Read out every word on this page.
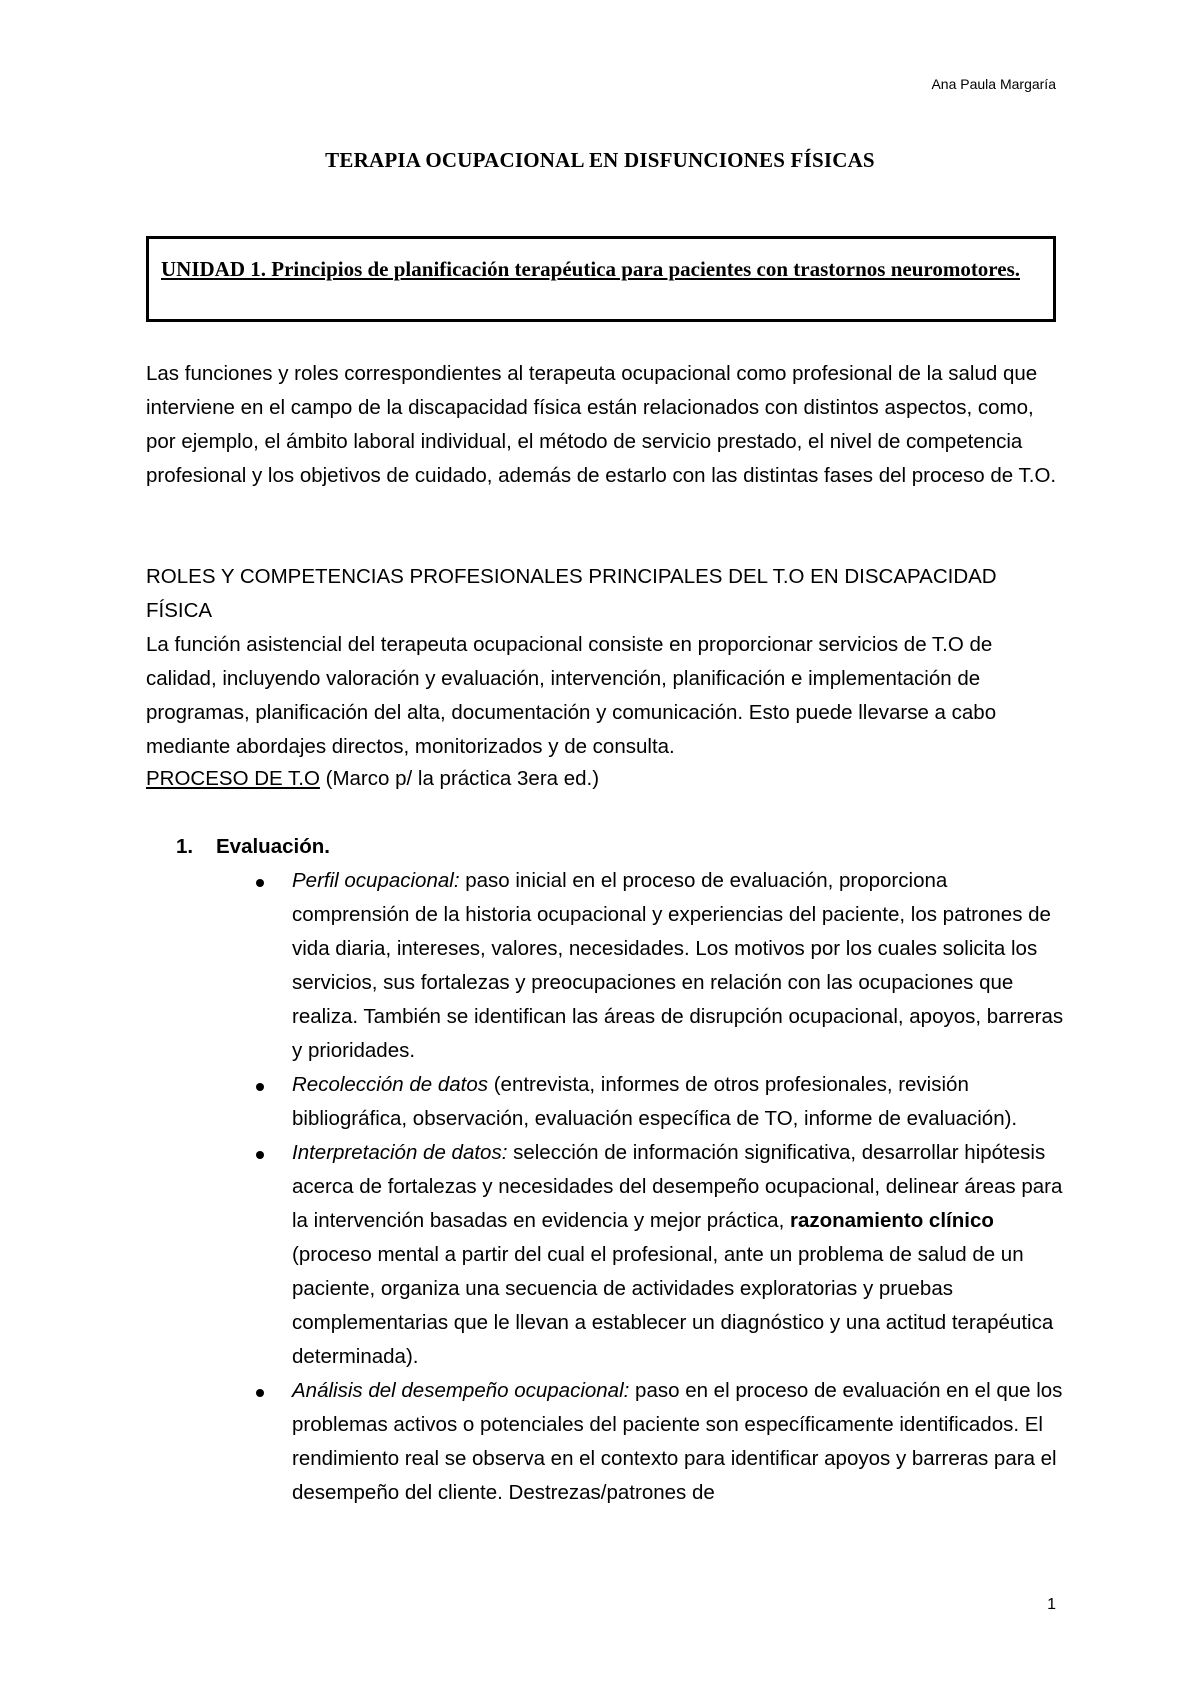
Ana Paula Margaría
TERAPIA OCUPACIONAL EN DISFUNCIONES FÍSICAS
UNIDAD 1. Principios de planificación terapéutica para pacientes con trastornos neuromotores.
Las funciones y roles correspondientes al terapeuta ocupacional como profesional de la salud que interviene en el campo de la discapacidad física están relacionados con distintos aspectos, como, por ejemplo, el ámbito laboral individual, el método de servicio prestado, el nivel de competencia profesional y los objetivos de cuidado, además de estarlo con las distintas fases del proceso de T.O.
ROLES Y COMPETENCIAS PROFESIONALES PRINCIPALES DEL T.O EN DISCAPACIDAD FÍSICA
La función asistencial del terapeuta ocupacional consiste en proporcionar servicios de T.O de calidad, incluyendo valoración y evaluación, intervención, planificación e implementación de programas, planificación del alta, documentación y comunicación. Esto puede llevarse a cabo mediante abordajes directos, monitorizados y de consulta.
PROCESO DE T.O (Marco p/ la práctica 3era ed.)
1. Evaluación.
Perfil ocupacional: paso inicial en el proceso de evaluación, proporciona comprensión de la historia ocupacional y experiencias del paciente, los patrones de vida diaria, intereses, valores, necesidades. Los motivos por los cuales solicita los servicios, sus fortalezas y preocupaciones en relación con las ocupaciones que realiza. También se identifican las áreas de disrupción ocupacional, apoyos, barreras y prioridades.
Recolección de datos (entrevista, informes de otros profesionales, revisión bibliográfica, observación, evaluación específica de TO, informe de evaluación).
Interpretación de datos: selección de información significativa, desarrollar hipótesis acerca de fortalezas y necesidades del desempeño ocupacional, delinear áreas para la intervención basadas en evidencia y mejor práctica, razonamiento clínico (proceso mental a partir del cual el profesional, ante un problema de salud de un paciente, organiza una secuencia de actividades exploratorias y pruebas complementarias que le llevan a establecer un diagnóstico y una actitud terapéutica determinada).
Análisis del desempeño ocupacional: paso en el proceso de evaluación en el que los problemas activos o potenciales del paciente son específicamente identificados. El rendimiento real se observa en el contexto para identificar apoyos y barreras para el desempeño del cliente. Destrezas/patrones de
1
